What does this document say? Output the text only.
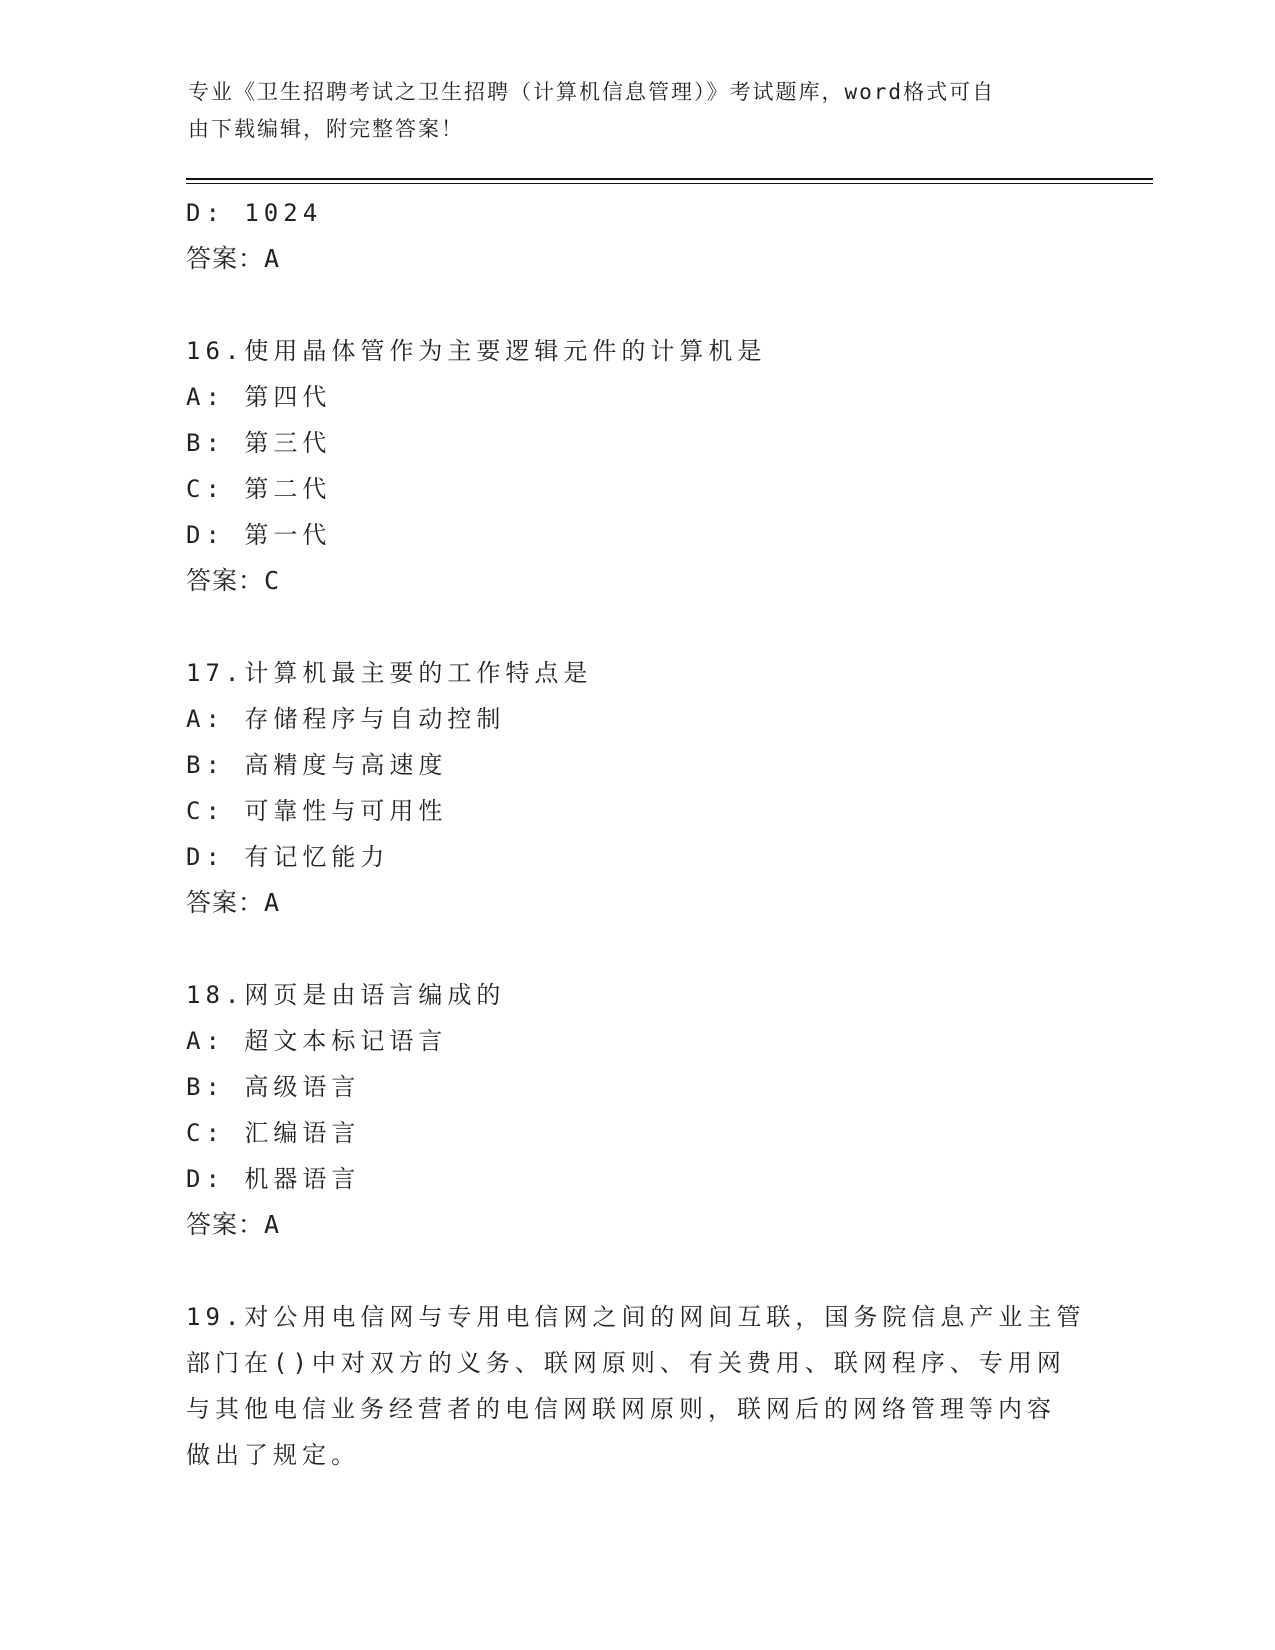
专业《卫生招聘考试之卫生招聘（计算机信息管理）》考试题库，word格式可自
由下载编辑，附完整答案！
D: 1024
答案：A
16.使用晶体管作为主要逻辑元件的计算机是
A: 第四代
B: 第三代
C: 第二代
D: 第一代
答案：C
17.计算机最主要的工作特点是
A: 存储程序与自动控制
B: 高精度与高速度
C: 可靠性与可用性
D: 有记忆能力
答案：A
18.网页是由语言编成的
A: 超文本标记语言
B: 高级语言
C: 汇编语言
D: 机器语言
答案：A
19.对公用电信网与专用电信网之间的网间互联，国务院信息产业主管
部门在()中对双方的义务、联网原则、有关费用、联网程序、专用网
与其他电信业务经营者的电信网联网原则，联网后的网络管理等内容
做出了规定。
